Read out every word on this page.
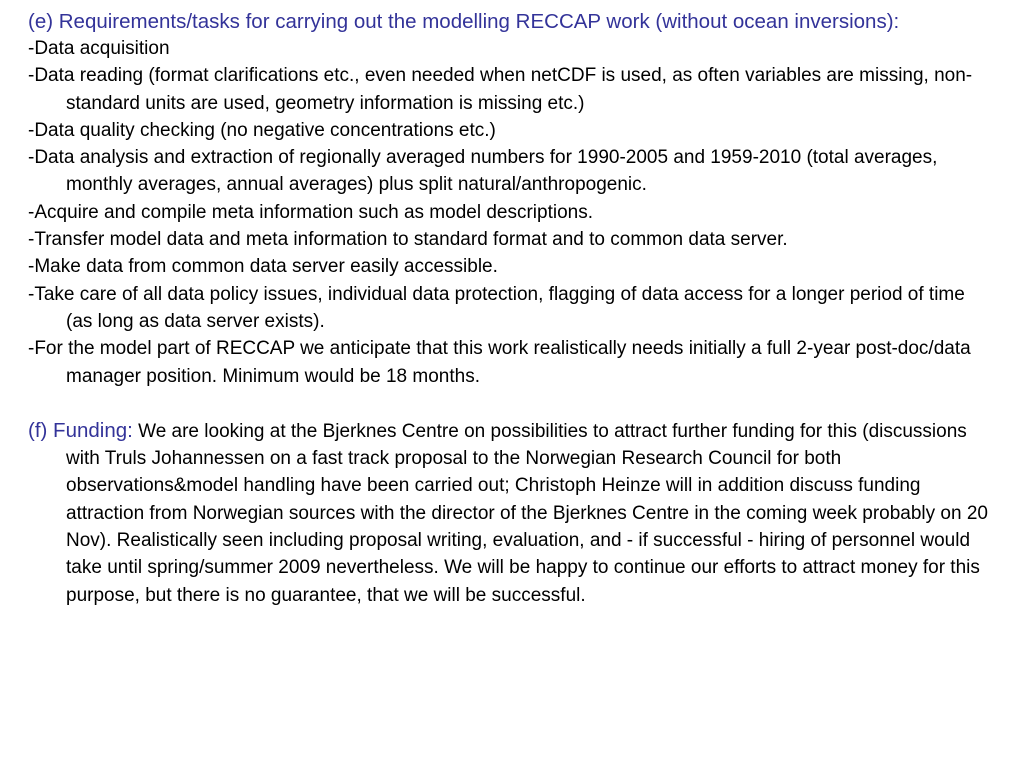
(e) Requirements/tasks for carrying out the modelling RECCAP work (without ocean inversions):

-Data acquisition
-Data reading (format clarifications etc., even needed when netCDF is used, as often variables are missing, non-standard units are used, geometry information is missing etc.)
-Data quality checking (no negative concentrations etc.)
-Data analysis and extraction of regionally averaged numbers for 1990-2005 and 1959-2010 (total averages, monthly averages, annual averages) plus split natural/anthropogenic.
-Acquire and compile meta information such as model descriptions.
-Transfer model data and meta information to standard format and to common data server.
-Make data from common data server easily accessible.
-Take care of all data policy issues, individual data protection, flagging of data access for a longer period of time (as long as data server exists).
-For the model part of RECCAP we anticipate that this work realistically needs initially a full 2-year post-doc/data manager position. Minimum would be 18 months.

(f) Funding: We are looking at the Bjerknes Centre on possibilities to attract further funding for this (discussions with Truls Johannessen on a fast track proposal to the Norwegian Research Council for both observations&model handling have been carried out; Christoph Heinze will in addition discuss funding attraction from Norwegian sources with the director of the Bjerknes Centre in the coming week probably on 20 Nov). Realistically seen including proposal writing, evaluation, and - if successful - hiring of personnel would take until spring/summer 2009 nevertheless. We will be happy to continue our efforts to attract money for this purpose, but there is no guarantee, that we will be successful.
